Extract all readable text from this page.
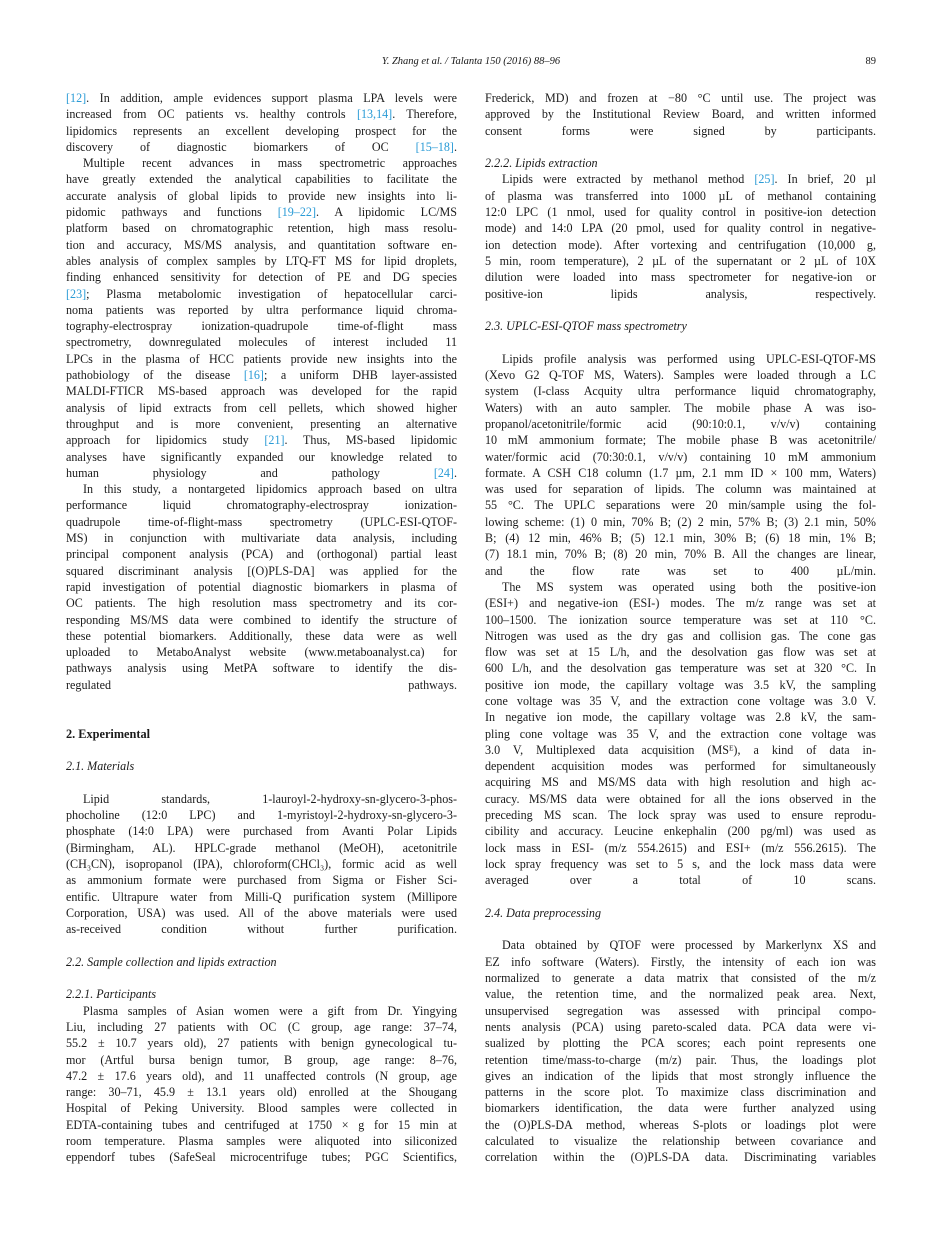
Y. Zhang et al. / Talanta 150 (2016) 88–96	89
[12]. In addition, ample evidences support plasma LPA levels were
increased from OC patients vs. healthy controls [13,14]. Therefore,
lipidomics represents an excellent developing prospect for the
discovery of diagnostic biomarkers of OC [15–18].
Multiple recent advances in mass spectrometric approaches
have greatly extended the analytical capabilities to facilitate the
accurate analysis of global lipids to provide new insights into li-
pidomic pathways and functions [19–22]. A lipidomic LC/MS
platform based on chromatographic retention, high mass resolu-
tion and accuracy, MS/MS analysis, and quantitation software en-
ables analysis of complex samples by LTQ-FT MS for lipid droplets,
finding enhanced sensitivity for detection of PE and DG species
[23]; Plasma metabolomic investigation of hepatocellular carci-
noma patients was reported by ultra performance liquid chroma-
tography-electrospray ionization-quadrupole time-of-flight mass
spectrometry, downregulated molecules of interest included 11
LPCs in the plasma of HCC patients provide new insights into the
pathobiology of the disease [16]; a uniform DHB layer-assisted
MALDI-FTICR MS-based approach was developed for the rapid
analysis of lipid extracts from cell pellets, which showed higher
throughput and is more convenient, presenting an alternative
approach for lipidomics study [21]. Thus, MS-based lipidomic
analyses have significantly expanded our knowledge related to
human physiology and pathology [24].
In this study, a nontargeted lipidomics approach based on ultra
performance liquid chromatography-electrospray ionization-
quadrupole time-of-flight-mass spectrometry (UPLC-ESI-QTOF-
MS) in conjunction with multivariate data analysis, including
principal component analysis (PCA) and (orthogonal) partial least
squared discriminant analysis [(O)PLS-DA] was applied for the
rapid investigation of potential diagnostic biomarkers in plasma of
OC patients. The high resolution mass spectrometry and its cor-
responding MS/MS data were combined to identify the structure of
these potential biomarkers. Additionally, these data were as well
uploaded to MetaboAnalyst website (www.metaboanalyst.ca) for
pathways analysis using MetPA software to identify the dis-
regulated pathways.
2. Experimental
2.1. Materials
Lipid standards, 1-lauroyl-2-hydroxy-sn-glycero-3-phos-
phocholine (12:0 LPC) and 1-myristoyl-2-hydroxy-sn-glycero-3-
phosphate (14:0 LPA) were purchased from Avanti Polar Lipids
(Birmingham, AL). HPLC-grade methanol (MeOH), acetonitrile
(CH₃CN), isopropanol (IPA), chloroform(CHCl₃), formic acid as well
as ammonium formate were purchased from Sigma or Fisher Sci-
entific. Ultrapure water from Milli-Q purification system (Millipore
Corporation, USA) was used. All of the above materials were used
as-received condition without further purification.
2.2. Sample collection and lipids extraction
2.2.1. Participants
Plasma samples of Asian women were a gift from Dr. Yingying
Liu, including 27 patients with OC (C group, age range: 37–74,
55.2 ± 10.7 years old), 27 patients with benign gynecological tu-
mor (Artful bursa benign tumor, B group, age range: 8–76,
47.2 ± 17.6 years old), and 11 unaffected controls (N group, age
range: 30–71, 45.9 ± 13.1 years old) enrolled at the Shougang
Hospital of Peking University. Blood samples were collected in
EDTA-containing tubes and centrifuged at 1750 × g for 15 min at
room temperature. Plasma samples were aliquoted into siliconized
eppendorf tubes (SafeSeal microcentrifuge tubes; PGC Scientifics,
Frederick, MD) and frozen at −80 °C until use. The project was
approved by the Institutional Review Board, and written informed
consent forms were signed by participants.
2.2.2. Lipids extraction
Lipids were extracted by methanol method [25]. In brief, 20 µl
of plasma was transferred into 1000 µL of methanol containing
12:0 LPC (1 nmol, used for quality control in positive-ion detection
mode) and 14:0 LPA (20 pmol, used for quality control in negative-
ion detection mode). After vortexing and centrifugation (10,000 g,
5 min, room temperature), 2 µL of the supernatant or 2 µL of 10X
dilution were loaded into mass spectrometer for negative-ion or
positive-ion lipids analysis, respectively.
2.3. UPLC-ESI-QTOF mass spectrometry
Lipids profile analysis was performed using UPLC-ESI-QTOF-MS
(Xevo G2 Q-TOF MS, Waters). Samples were loaded through a LC
system (I-class Acquity ultra performance liquid chromatography,
Waters) with an auto sampler. The mobile phase A was iso-
propanol/acetonitrile/formic acid (90:10:0.1, v/v/v) containing
10 mM ammonium formate; The mobile phase B was acetonitrile/
water/formic acid (70:30:0.1, v/v/v) containing 10 mM ammonium
formate. A CSH C18 column (1.7 µm, 2.1 mm ID × 100 mm, Waters)
was used for separation of lipids. The column was maintained at
55 °C. The UPLC separations were 20 min/sample using the fol-
lowing scheme: (1) 0 min, 70% B; (2) 2 min, 57% B; (3) 2.1 min, 50%
B; (4) 12 min, 46% B; (5) 12.1 min, 30% B; (6) 18 min, 1% B;
(7) 18.1 min, 70% B; (8) 20 min, 70% B. All the changes are linear,
and the flow rate was set to 400 µL/min.
The MS system was operated using both the positive-ion
(ESI+) and negative-ion (ESI-) modes. The m/z range was set at
100–1500. The ionization source temperature was set at 110 °C.
Nitrogen was used as the dry gas and collision gas. The cone gas
flow was set at 15 L/h, and the desolvation gas flow was set at
600 L/h, and the desolvation gas temperature was set at 320 °C. In
positive ion mode, the capillary voltage was 3.5 kV, the sampling
cone voltage was 35 V, and the extraction cone voltage was 3.0 V.
In negative ion mode, the capillary voltage was 2.8 kV, the sam-
pling cone voltage was 35 V, and the extraction cone voltage was
3.0 V, Multiplexed data acquisition (MSᴱ), a kind of data in-
dependent acquisition modes was performed for simultaneously
acquiring MS and MS/MS data with high resolution and high ac-
curacy. MS/MS data were obtained for all the ions observed in the
preceding MS scan. The lock spray was used to ensure reprodu-
cibility and accuracy. Leucine enkephalin (200 pg/ml) was used as
lock mass in ESI- (m/z 554.2615) and ESI+ (m/z 556.2615). The
lock spray frequency was set to 5 s, and the lock mass data were
averaged over a total of 10 scans.
2.4. Data preprocessing
Data obtained by QTOF were processed by Markerlynx XS and
EZ info software (Waters). Firstly, the intensity of each ion was
normalized to generate a data matrix that consisted of the m/z
value, the retention time, and the normalized peak area. Next,
unsupervised segregation was assessed with principal compo-
nents analysis (PCA) using pareto-scaled data. PCA data were vi-
sualized by plotting the PCA scores; each point represents one
retention time/mass-to-charge (m/z) pair. Thus, the loadings plot
gives an indication of the lipids that most strongly influence the
patterns in the score plot. To maximize class discrimination and
biomarkers identification, the data were further analyzed using
the (O)PLS-DA method, whereas S-plots or loadings plot were
calculated to visualize the relationship between covariance and
correlation within the (O)PLS-DA data. Discriminating variables
